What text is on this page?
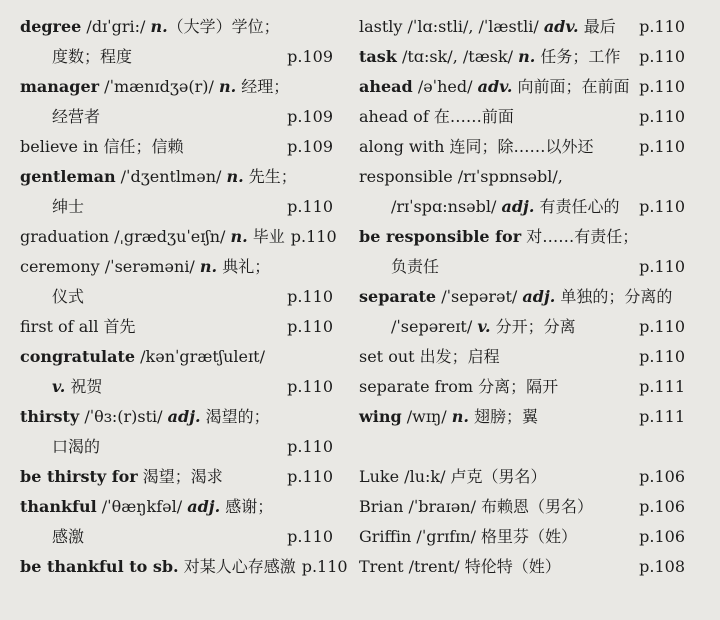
degree /dɪˈgri:/ n.（大学）学位；
度数；程度	p.109
manager /ˈmænɪdʒə(r)/ n. 经理；
经营者	p.109
believe in 信任；信赖	p.109
gentleman /ˈdʒentlmən/ n. 先生；
绅士	p.110
graduation /ˌgrædʒuˈeɪʃn/ n. 毕业 p.110
ceremony /ˈserəməni/ n. 典礼；
仪式	p.110
first of all 首先	p.110
congratulate /kənˈgrætʃuleɪt/
v. 祝贺	p.110
thirsty /ˈθɜ:(r)sti/ adj. 渴望的；
口渴的	p.110
be thirsty for 渴望；渴求	p.110
thankful /ˈθæŋkfəl/ adj. 感谢；
感激	p.110
be thankful to sb. 对某人心存感激 p.110
lastly /ˈlɑ:stli/, /ˈlæstli/ adv. 最后	p.110
task /tɑ:sk/, /tæsk/ n. 任务；工作	p.110
ahead /əˈhed/ adv. 向前面；在前面 p.110
ahead of 在……前面	p.110
along with 连同；除……以外还	p.110
responsible /rɪˈspɒnsəbl/,
/rɪˈspɑ:nsəbl/ adj. 有责任心的	p.110
be responsible for 对……有责任；
负责任	p.110
separate /ˈsepərət/ adj. 单独的；分离的
/ˈsepəreɪt/ v. 分开；分离	p.110
set out 出发；启程	p.110
separate from 分离；隔开	p.111
wing /wɪŋ/ n. 翅膀；翼	p.111
Luke /lu:k/ 卢克（男名）	p.106
Brian /ˈbraɪən/ 布赖恩（男名）	p.106
Griffin /ˈgrɪfɪn/ 格里芬（姓）	p.106
Trent /trent/ 特伦特（姓）	p.108
